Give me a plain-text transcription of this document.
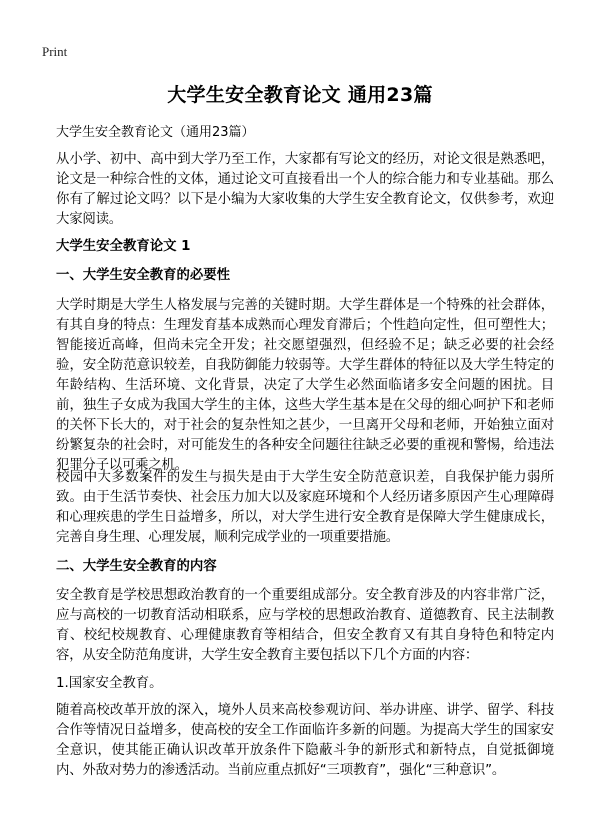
Print
大学生安全教育论文 通用23篇
大学生安全教育论文（通用23篇）

从小学、初中、高中到大学乃至工作，大家都有写论文的经历，对论文很是熟悉吧，论文是一种综合性的文体，通过论文可直接看出一个人的综合能力和专业基础。那么你有了解过论文吗？以下是小编为大家收集的大学生安全教育论文，仅供参考，欢迎大家阅读。

大学生安全教育论文 1
一、大学生安全教育的必要性

大学时期是大学生人格发展与完善的关键时期。大学生群体是一个特殊的社会群体，有其自身的特点：生理发育基本成熟而心理发育滞后；个性趋向定性，但可塑性大；智能接近高峰，但尚未完全开发；社交愿望强烈，但经验不足；缺乏必要的社会经验，安全防范意识较差，自我防御能力较弱等。大学生群体的特征以及大学生特定的年龄结构、生活环境、文化背景，决定了大学生必然面临诸多安全问题的困扰。目前，独生子女成为我国大学生的主体，这些大学生基本是在父母的细心呵护下和老师的关怀下长大的，对于社会的复杂性知之甚少，一旦离开父母和老师，开始独立面对纷繁复杂的社会时，对可能发生的各种安全问题往往缺乏必要的重视和警惕，给违法犯罪分子以可乘之机。

校园中大多数案件的发生与损失是由于大学生安全防范意识差，自我保护能力弱所致。由于生活节奏快、社会压力加大以及家庭环境和个人经历诸多原因产生心理障碍和心理疾患的学生日益增多，所以，对大学生进行安全教育是保障大学生健康成长，完善自身生理、心理发展，顺利完成学业的一项重要措施。

二、大学生安全教育的内容

安全教育是学校思想政治教育的一个重要组成部分。安全教育涉及的内容非常广泛，应与高校的一切教育活动相联系，应与学校的思想政治教育、道德教育、民主法制教育、校纪校规教育、心理健康教育等相结合，但安全教育又有其自身特色和特定内容，从安全防范角度讲，大学生安全教育主要包括以下几个方面的内容：

1.国家安全教育。

随着高校改革开放的深入，境外人员来高校参观访问、举办讲座、讲学、留学、科技合作等情况日益增多，使高校的安全工作面临许多新的问题。为提高大学生的国家安全意识，使其能正确认识改革开放条件下隐蔽斗争的新形式和新特点，自觉抵御境内、外敌对势力的渗透活动。当前应重点抓好“三项教育”，强化“三种意识”。
